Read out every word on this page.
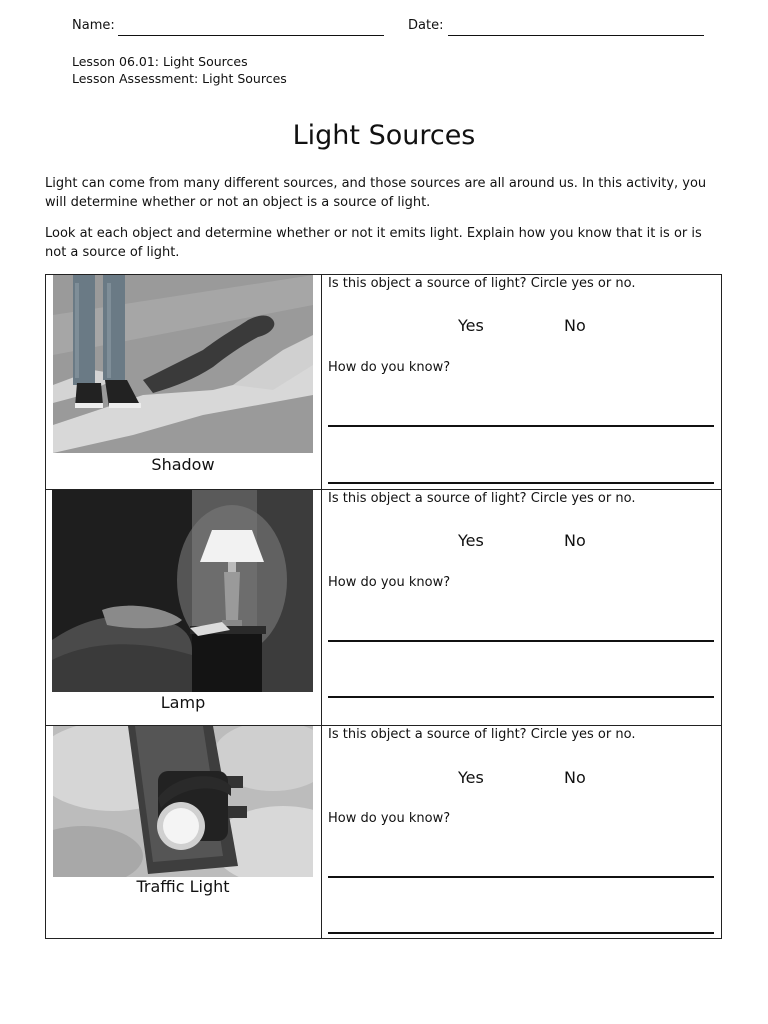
Name:	Date:
Lesson 06.01: Light Sources
Lesson Assessment: Light Sources
Light Sources

Light can come from many different sources, and those sources are all around us. In this activity, you will determine whether or not an object is a source of light.

Look at each object and determine whether or not it emits light. Explain how you know that it is or is not a source of light.

Shadow
Is this object a source of light? Circle yes or no.
Yes	No
How do you know?
Lamp
Is this object a source of light? Circle yes or no.
Yes	No
How do you know?
Traffic Light
Is this object a source of light? Circle yes or no.
Yes	No
How do you know?
